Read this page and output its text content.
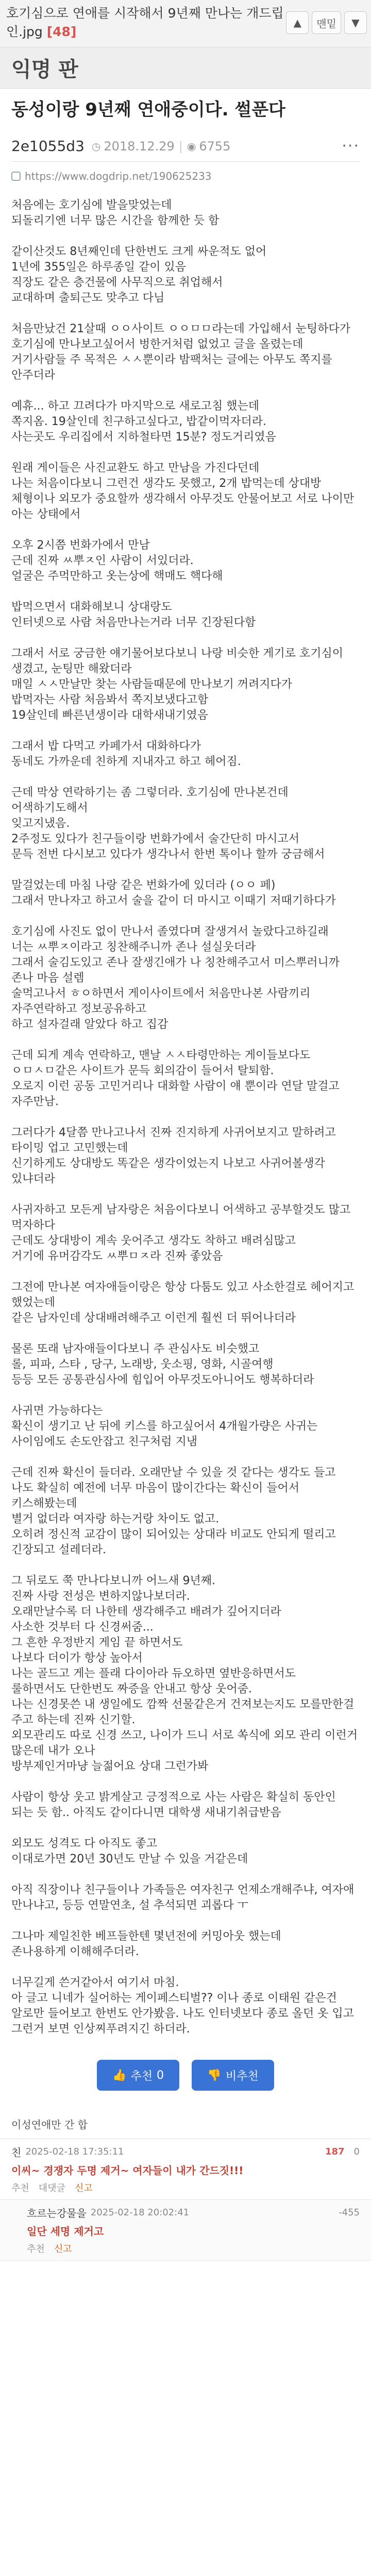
호기심으로 연애를 시작해서 9년째 만나는 개드립인.jpg [48]
▲	맨밑	▼
익명 판
동성이랑 9년째 연애중이다. 썰푼다
2e1055d3 ◷ 2018.12.29 | ◉ 6755	···
https://www.dogdrip.net/190625233
처음에는 호기심에 발을맞었는데
되돌리기엔 너무 많은 시간을 함께한 듯 함
같이산것도 8년째인데 단한번도 크게 싸운적도 없어
1년에 355일은 하루종일 같이 있음
직장도 같은 층건물에 사무직으로 취업해서
교대하며 출퇴근도 맞추고 다님
처음만났건 21살때 ㅇㅇ사이트 ㅇㅇㅁㅁ라는데 가입해서 눈팅하다가
호기심에 만나보고싶어서 벙한거처럼 없었고 글을 올렸는데
거기사람들 주 목적은 ㅅㅅ뿐이라 밤팩처는 글에는 아무도 쪽지를 안주더라
예휴... 하고 끄려다가 마지막으로 새로고침 했는데
쪽지옴. 19살인데 친구하고싶다고, 밥같이먹자더라.
사는곳도 우리집에서 지하철타면 15분? 정도거리였음
원래 게이들은 사진교환도 하고 만남을 가진다던데
나는 처음이다보니 그런건 생각도 못했고, 2개 밥먹는데 상대방
체형이나 외모가 중요할까 생각해서 아무것도 안물어보고 서로 나이만 아는 상태에서
오후 2시쯤 번화가에서 만남
근데 진짜 ㅆ뿌ㅈ인 사람이 서있더라.
얼굴은 주먹만하고 옷는상에 핵매도 핵다해
밥먹으면서 대화해보니 상대랑도
인터넷으로 사람 처음만나는거라 너무 긴장된다함
그래서 서로 궁금한 얘기물어보다보니 나랑 비슷한 게기로 호기심이 생겼고, 눈팅만 해왔더라
매일 ㅅㅅ만날만 찾는 사람들때문에 만나보기 꺼려지다가
밥먹자는 사람 처음봐서 쪽지보냈다고함
19살인데 빠른년생이라 대학새내기였음
그래서 밥 다먹고 카페가서 대화하다가
동네도 가까운데 친하게 지내자고 하고 헤어짐.
근데 막상 연락하기는 좀 그렇더라. 호기심에 만나본건데 어색하기도해서
잊고지냈음.
2주정도 있다가 친구들이랑 번화가에서 술간단히 마시고서
문득 전번 다시보고 있다가 생각나서 한번 톡이나 할까 궁금해서
말걸었는데 마침 나랑 같은 번화가에 있더라 (ㅇㅇ 페)
그래서 만나자고 하고서 술을 같이 더 마시고 이때기 저때기하다가
호기심에 사진도 없이 만나서 졸였다며 잘생겨서 놀랐다고하길래
너는 ㅆ뿌ㅈ이라고 칭찬해주니까 존나 설실웃더라
그래서 술김도있고 존나 잘생긴애가 나 칭찬해주고서 미스뿌러니까 존나 마음 설렘
술먹고나서 ㅎㅇ하면서 게이사이트에서 처음만나본 사람끼리 자주연락하고 정보공유하고
하고 설자걸래 알았다 하고 집감
근데 되게 계속 연락하고, 맨날 ㅅㅅ타령만하는 게이들보다도 ㅇㅁㅅㅁ같은 사이트가 문득 회의감이 들어서 탈퇴함.
오로지 이런 공동 고민거리나 대화할 사람이 얘 뿐이라 연달 말걸고 자주만남.
그러다가 4달쯤 만나고나서 진짜 진지하게 사귀어보지고 말하려고 타이밍 업고 고민했는데
신기하게도 상대방도 똑같은 생각이었는지 나보고 사귀어볼생각 있냐더라
사귀자하고 모든게 남자랑은 처음이다보니 어색하고 공부할것도 많고 먹자하다
근데도 상대방이 계속 웃어주고 생각도 착하고 배려심많고
거기에 유머감각도 ㅆ뿌ㅁㅈ라 진짜 좋았음
그전에 만나본 여자애들이랑은 항상 다툼도 있고 사소한걸로 헤어지고 했었는데
같은 남자인데 상대배려해주고 이런게 훨씬 더 뛰어나더라
물론 또래 남자애들이다보니 주 관심사도 비슷했고
롤, 피파, 스타 , 당구, 노래방, 웃소핑, 영화, 시골여행
등등 모든 공통관심사에 힘입어 아무것도아니어도 행복하더라
사귀면 가능하다는
확신이 생기고 난 뒤에 키스를 하고싶어서 4개월가량은 사귀는 사이임에도 손도안잡고 친구처럼 지냄
근데 진짜 확신이 들더라. 오래만날 수 있을 것 같다는 생각도 들고
나도 확실히 예전에 너무 마음이 많이간다는 확신이 들어서 키스해봤는데
별거 없더라 여자랑 하는거랑 차이도 없고.
오히려 정신적 교감이 많이 되어있는 상대라 비교도 안되게 떨리고 긴장되고 설레더라.
그 뒤로도 쭉 만나다보니까 어느새 9년째.
진짜 사랑 전성은 변하지않나보더라.
오래만날수록 더 나한테 생각해주고 배려가 깊어지더라
사소한 것부터 다 신경써줌...
그 흔한 우정반지 게임 끝 하면서도
나보다 더이가 항상 높아서
나는 골드고 게는 플래 다이아라 듀오하면 옆반응하면서도
룰하면서도 단한번도 짜증을 안내고 항상 웃어줌.
나는 신경못쓴 내 생일에도 깜짝 선물같은거 건져보는지도 모를만한걸 주고 하는데 진짜 신기할.
외모관리도 따로 신경 쓰고, 나이가 드니 서로 쏙식에 외모 관리 이런거 많은데 내가 오나
방부제인거마냥 늘젊어요 상대 그런가봐
사람이 항상 웃고 밝게살고 긍정적으로 사는 사람은 확실히 동안인 되는 듯 함.. 아직도 같이다니면 대학생 새내기취급받음
외모도 성격도 다 아직도 좋고
이대로가면 20년 30년도 만날 수 있을 거같은데
아직 직장이나 친구들이나 가족들은 여자친구 언제소개해주냐, 여자애 만나냐고, 등등 연말연초, 설 추석되면 괴롭다 ㅜ
그나마 제일친한 베프들한텐 몇년전에 커밍아웃 했는데
존나용하게 이해해주더라.
너무길게 쓴거같아서 여기서 마침.
아 글고 니네가 실어하는 게이페스티벌?? 이나 종로 이태원 같은건 알로만 들어보고 한번도 안가봤음. 나도 인터넷보다 종로 올던 옷 입고 그런거 보면 인상찌푸려지긴 하더라.
👍 추천 0	👎 비추천
이성연애만 간 합
친 2025-02-18 17:35:11	187 0
이씨~ 경쟁자 두명 제거~ 여자들이 내가 간드짓!!!
추천 대댓글 신고
흐르는강물을 2025-02-18 20:02:41	-455
일단 세명 제거고
추천 신고
